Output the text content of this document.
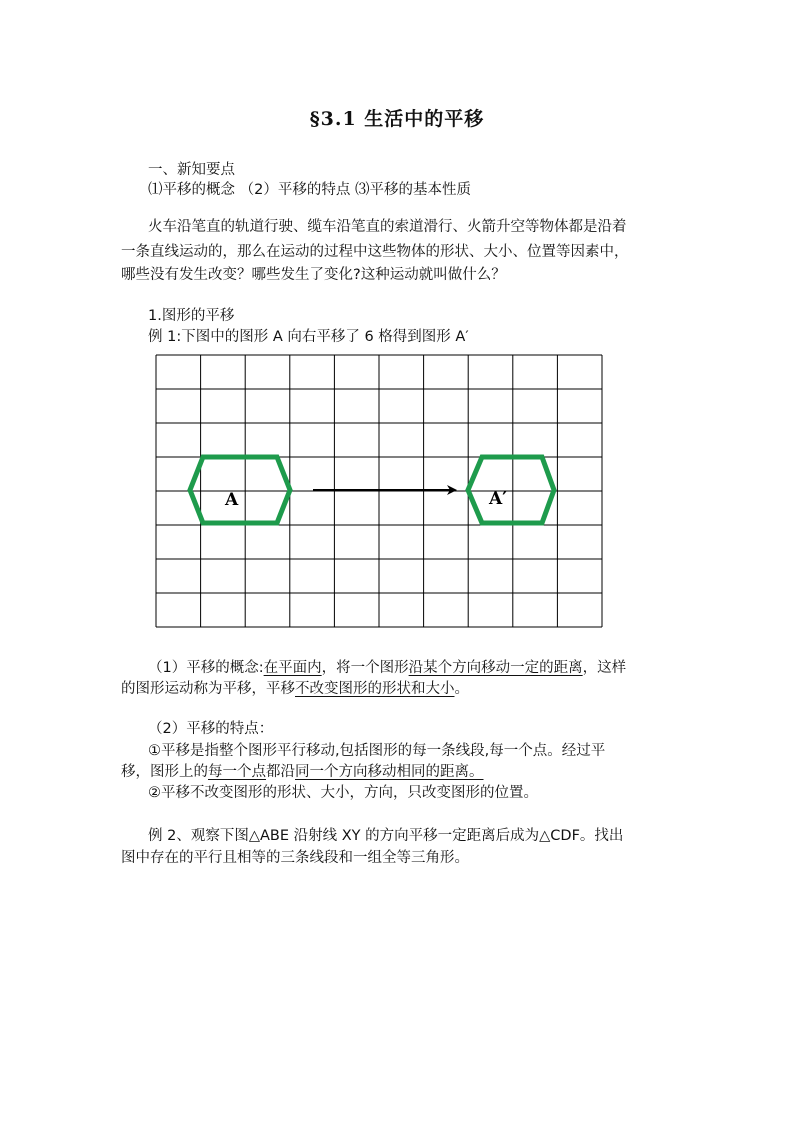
§3.1 生活中的平移
一、新知要点
⑴平移的概念 （2）平移的特点 ⑶平移的基本性质
火车沿笔直的轨道行驶、缆车沿笔直的索道滑行、火箭升空等物体都是沿着
一条直线运动的，那么在运动的过程中这些物体的形状、大小、位置等因素中，
哪些没有发生改变？哪些发生了变化?这种运动就叫做什么？
1.图形的平移
例 1:下图中的图形 A 向右平移了 6 格得到图形 A′
A	A′
（1）平移的概念:在平面内，将一个图形沿某个方向移动一定的距离，这样
的图形运动称为平移，平移不改变图形的形状和大小。
（2）平移的特点：
①平移是指整个图形平行移动,包括图形的每一条线段,每一个点。经过平
移，图形上的每一个点都沿同一个方向移动相同的距离。
②平移不改变图形的形状、大小，方向，只改变图形的位置。
例 2、观察下图△ABE 沿射线 XY 的方向平移一定距离后成为△CDF。找出
图中存在的平行且相等的三条线段和一组全等三角形。
